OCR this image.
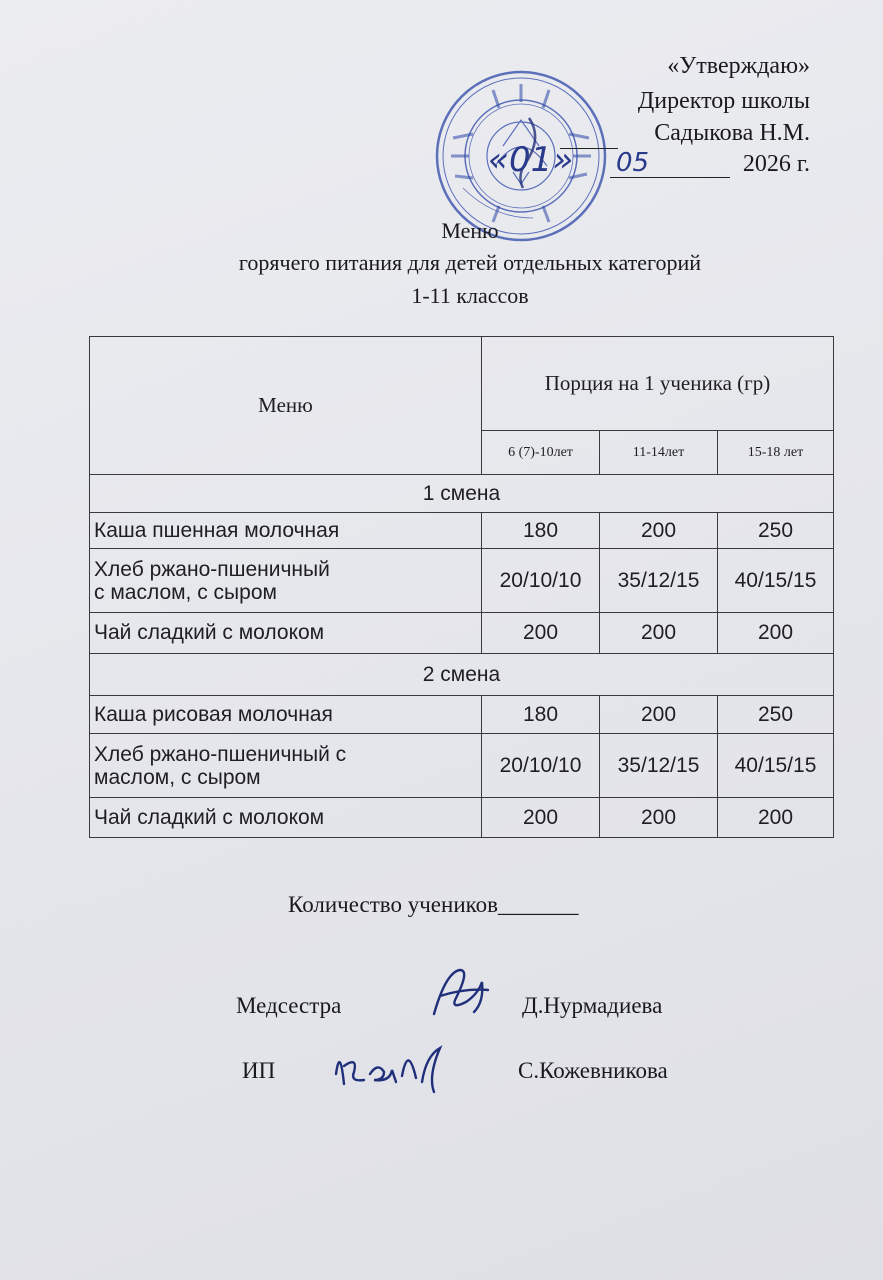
«Утверждаю»
Директор школы
Садыкова Н.М.
2026 г.
«01» 05
Меню
горячего питания для детей отдельных категорий
1-11 классов
Меню	Порция на 1 ученика (гр)		
	6 (7)-10лет	11-14лет	15-18 лет
1 смена			
Каша пшенная молочная	180	200	250

Хлеб ржано-пшеничный
с маслом, с сыром	20/10/10	35/12/15	40/15/15
Чай сладкий с молоком	200	200	200
2 смена			
Каша рисовая молочная	180	200	250

Хлеб ржано-пшеничный с
маслом, с сыром	20/10/10	35/12/15	40/15/15
Чай сладкий с молоком	200	200	200
Количество учеников_______
Медсестра	Д.Нурмадиева
ИП	С.Кожевникова
